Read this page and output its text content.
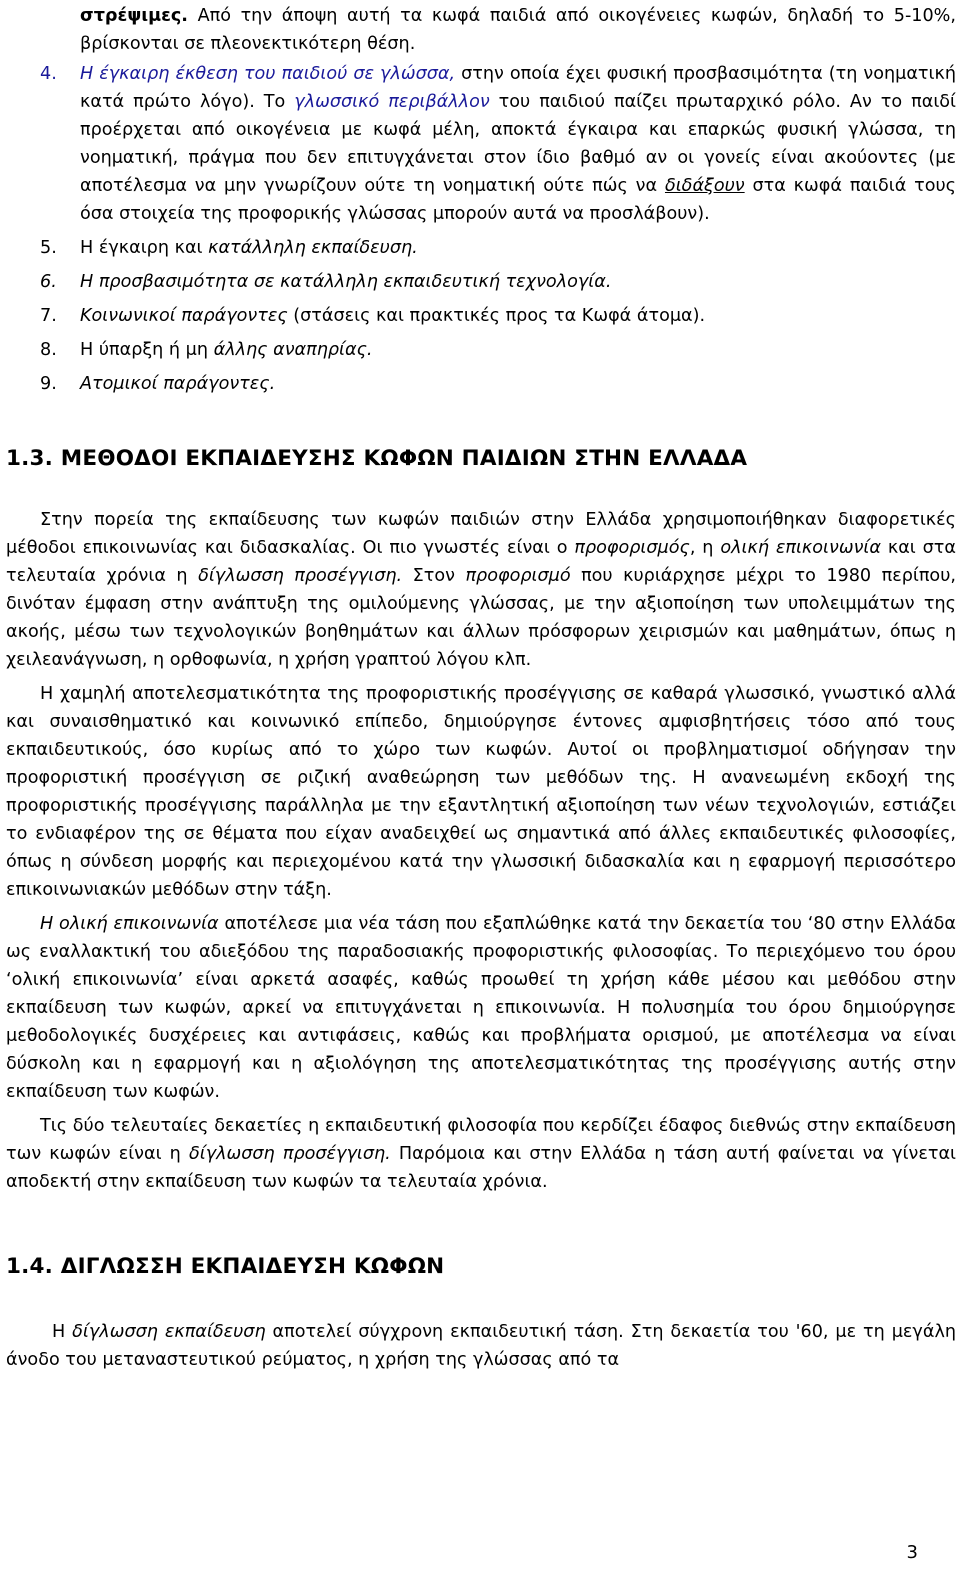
στρέψιμες. Από την άποψη αυτή τα κωφά παιδιά από οικογένειες κωφών, δηλαδή το 5-10%, βρίσκονται σε πλεονεκτικότερη θέση.

4. Η έγκαιρη έκθεση του παιδιού σε γλώσσα, στην οποία έχει φυσική προσβασιμότητα (τη νοηματική κατά πρώτο λόγο). Το γλωσσικό περιβάλλον του παιδιού παίζει πρωταρχικό ρόλο. Αν το παιδί προέρχεται από οικογένεια με κωφά μέλη, αποκτά έγκαιρα και επαρκώς φυσική γλώσσα, τη νοηματική, πράγμα που δεν επιτυγχάνεται στον ίδιο βαθμό αν οι γονείς είναι ακούοντες (με αποτέλεσμα να μην γνωρίζουν ούτε τη νοηματική ούτε πώς να διδάξουν στα κωφά παιδιά τους όσα στοιχεία της προφορικής γλώσσας μπορούν αυτά να προσλάβουν).

5. Η έγκαιρη και κατάλληλη εκπαίδευση.

6. Η προσβασιμότητα σε κατάλληλη εκπαιδευτική τεχνολογία.

7. Κοινωνικοί παράγοντες (στάσεις και πρακτικές προς τα Κωφά άτομα).

8. Η ύπαρξη ή μη άλλης αναπηρίας.

9. Ατομικοί παράγοντες.

1.3. ΜΕΘΟΔΟΙ ΕΚΠΑΙΔΕΥΣΗΣ ΚΩΦΩΝ ΠΑΙΔΙΩΝ ΣΤΗΝ ΕΛΛΑΔΑ

Στην πορεία της εκπαίδευσης των κωφών παιδιών στην Ελλάδα χρησιμοποιήθηκαν διαφορετικές μέθοδοι επικοινωνίας και διδασκαλίας. Οι πιο γνωστές είναι ο προφορισμός, η ολική επικοινωνία και στα τελευταία χρόνια η δίγλωσση προσέγγιση. Στον προφορισμό που κυριάρχησε μέχρι το 1980 περίπου, δινόταν έμφαση στην ανάπτυξη της ομιλούμενης γλώσσας, με την αξιοποίηση των υπολειμμάτων της ακοής, μέσω των τεχνολογικών βοηθημάτων και άλλων πρόσφορων χειρισμών και μαθημάτων, όπως η χειλεανάγνωση, η ορθοφωνία, η χρήση γραπτού λόγου κλπ.

Η χαμηλή αποτελεσματικότητα της προφοριστικής προσέγγισης σε καθαρά γλωσσικό, γνωστικό αλλά και συναισθηματικό και κοινωνικό επίπεδο, δημιούργησε έντονες αμφισβητήσεις τόσο από τους εκπαιδευτικούς, όσο κυρίως από το χώρο των κωφών. Αυτοί οι προβληματισμοί οδήγησαν την προφοριστική προσέγγιση σε ριζική αναθεώρηση των μεθόδων της. Η ανανεωμένη εκδοχή της προφοριστικής προσέγγισης παράλληλα με την εξαντλητική αξιοποίηση των νέων τεχνολογιών, εστιάζει το ενδιαφέρον της σε θέματα που είχαν αναδειχθεί ως σημαντικά από άλλες εκπαιδευτικές φιλοσοφίες, όπως η σύνδεση μορφής και περιεχομένου κατά την γλωσσική διδασκαλία και η εφαρμογή περισσότερο επικοινωνιακών μεθόδων στην τάξη.

Η ολική επικοινωνία αποτέλεσε μια νέα τάση που εξαπλώθηκε κατά την δεκαετία του ‘80 στην Ελλάδα ως εναλλακτική του αδιεξόδου της παραδοσιακής προφοριστικής φιλοσοφίας. Το περιεχόμενο του όρου ‘ολική επικοινωνία’ είναι αρκετά ασαφές, καθώς προωθεί τη χρήση κάθε μέσου και μεθόδου στην εκπαίδευση των κωφών, αρκεί να επιτυγχάνεται η επικοινωνία. Η πολυσημία του όρου δημιούργησε μεθοδολογικές δυσχέρειες και αντιφάσεις, καθώς και προβλήματα ορισμού, με αποτέλεσμα να είναι δύσκολη και η εφαρμογή και η αξιολόγηση της αποτελεσματικότητας της προσέγγισης αυτής στην εκπαίδευση των κωφών.

Τις δύο τελευταίες δεκαετίες η εκπαιδευτική φιλοσοφία που κερδίζει έδαφος διεθνώς στην εκπαίδευση των κωφών είναι η δίγλωσση προσέγγιση. Παρόμοια και στην Ελλάδα η τάση αυτή φαίνεται να γίνεται αποδεκτή στην εκπαίδευση των κωφών τα τελευταία χρόνια.

1.4. ΔΙΓΛΩΣΣΗ ΕΚΠΑΙΔΕΥΣΗ ΚΩΦΩΝ

Η δίγλωσση εκπαίδευση αποτελεί σύγχρονη εκπαιδευτική τάση. Στη δεκαετία του '60, με τη μεγάλη άνοδο του μεταναστευτικού ρεύματος, η χρήση της γλώσσας από τα

3
